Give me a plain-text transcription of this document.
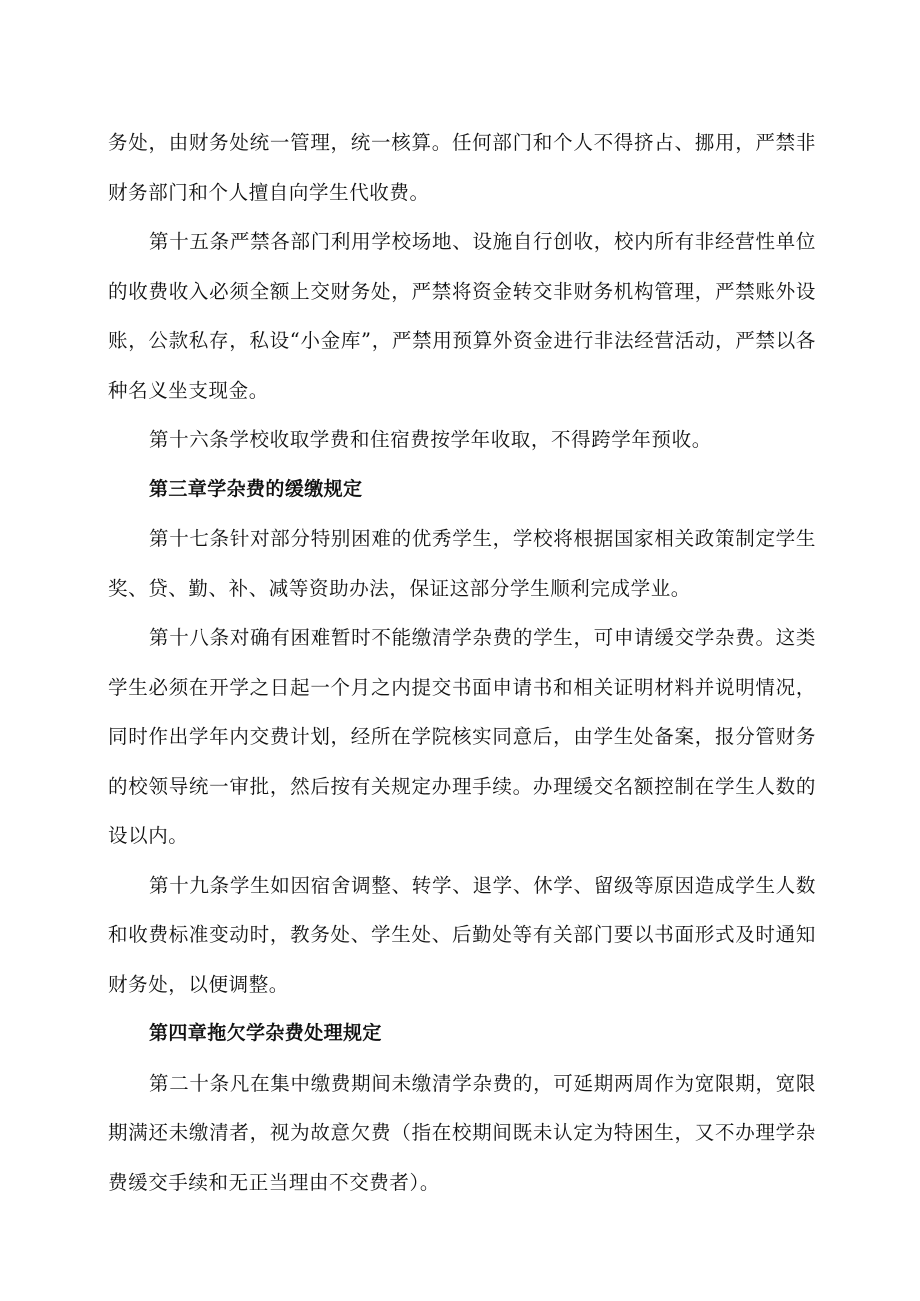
务处，由财务处统一管理，统一核算。任何部门和个人不得挤占、挪用，严禁非财务部门和个人擅自向学生代收费。

第十五条严禁各部门利用学校场地、设施自行创收，校内所有非经营性单位的收费收入必须全额上交财务处，严禁将资金转交非财务机构管理，严禁账外设账，公款私存，私设“小金库”，严禁用预算外资金进行非法经营活动，严禁以各种名义坐支现金。

第十六条学校收取学费和住宿费按学年收取，不得跨学年预收。

第三章学杂费的缓缴规定

第十七条针对部分特别困难的优秀学生，学校将根据国家相关政策制定学生奖、贷、勤、补、减等资助办法，保证这部分学生顺利完成学业。

第十八条对确有困难暂时不能缴清学杂费的学生，可申请缓交学杂费。这类学生必须在开学之日起一个月之内提交书面申请书和相关证明材料并说明情况，同时作出学年内交费计划，经所在学院核实同意后，由学生处备案，报分管财务的校领导统一审批，然后按有关规定办理手续。办理缓交名额控制在学生人数的设以内。

第十九条学生如因宿舍调整、转学、退学、休学、留级等原因造成学生人数和收费标准变动时，教务处、学生处、后勤处等有关部门要以书面形式及时通知财务处，以便调整。

第四章拖欠学杂费处理规定

第二十条凡在集中缴费期间未缴清学杂费的，可延期两周作为宽限期，宽限期满还未缴清者，视为故意欠费（指在校期间既未认定为特困生，又不办理学杂费缓交手续和无正当理由不交费者）。
